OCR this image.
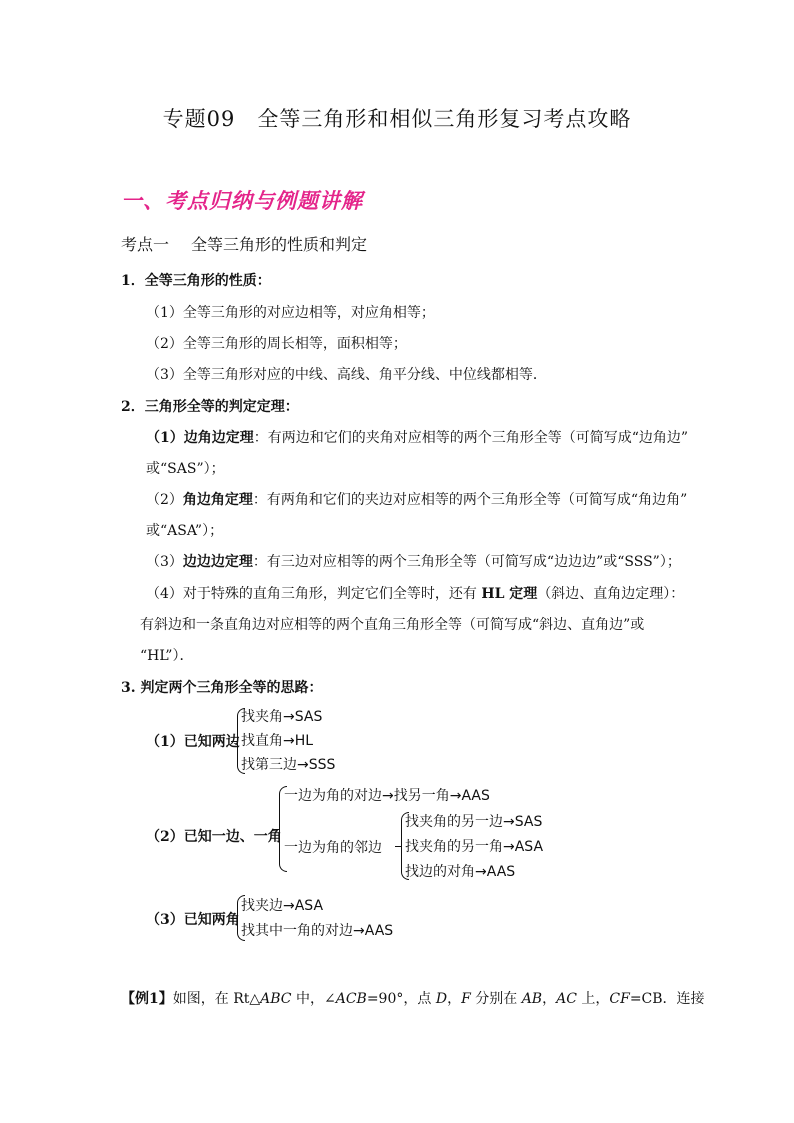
专题09　全等三角形和相似三角形复习考点攻略
一、考点归纳与例题讲解
考点一 全等三角形的性质和判定
1．全等三角形的性质：
（1）全等三角形的对应边相等，对应角相等；
（2）全等三角形的周长相等，面积相等；
（3）全等三角形对应的中线、高线、角平分线、中位线都相等．
2．三角形全等的判定定理：
（1）边角边定理：有两边和它们的夹角对应相等的两个三角形全等（可简写成“边角边”
或“SAS”）；
（2）角边角定理：有两角和它们的夹边对应相等的两个三角形全等（可简写成“角边角”
或“ASA”）；
（3）边边边定理：有三边对应相等的两个三角形全等（可简写成“边边边”或“SSS”）；
（4）对于特殊的直角三角形，判定它们全等时，还有 HL 定理（斜边、直角边定理）：
有斜边和一条直角边对应相等的两个直角三角形全等（可简写成“斜边、直角边”或
“HL”）．
3. 判定两个三角形全等的思路：
（1）已知两边
找夹角→SAS
找直角→HL
找第三边→SSS
（2）已知一边、一角
一边为角的对边→找另一角→AAS
一边为角的邻边
找夹角的另一边→SAS
找夹角的另一角→ASA
找边的对角→AAS
（3）已知两角
找夹边→ASA
找其中一角的对边→AAS
【例1】如图，在 Rt△ABC 中，∠ACB=90°，点 D，F 分别在 AB，AC 上，CF=CB．连接
